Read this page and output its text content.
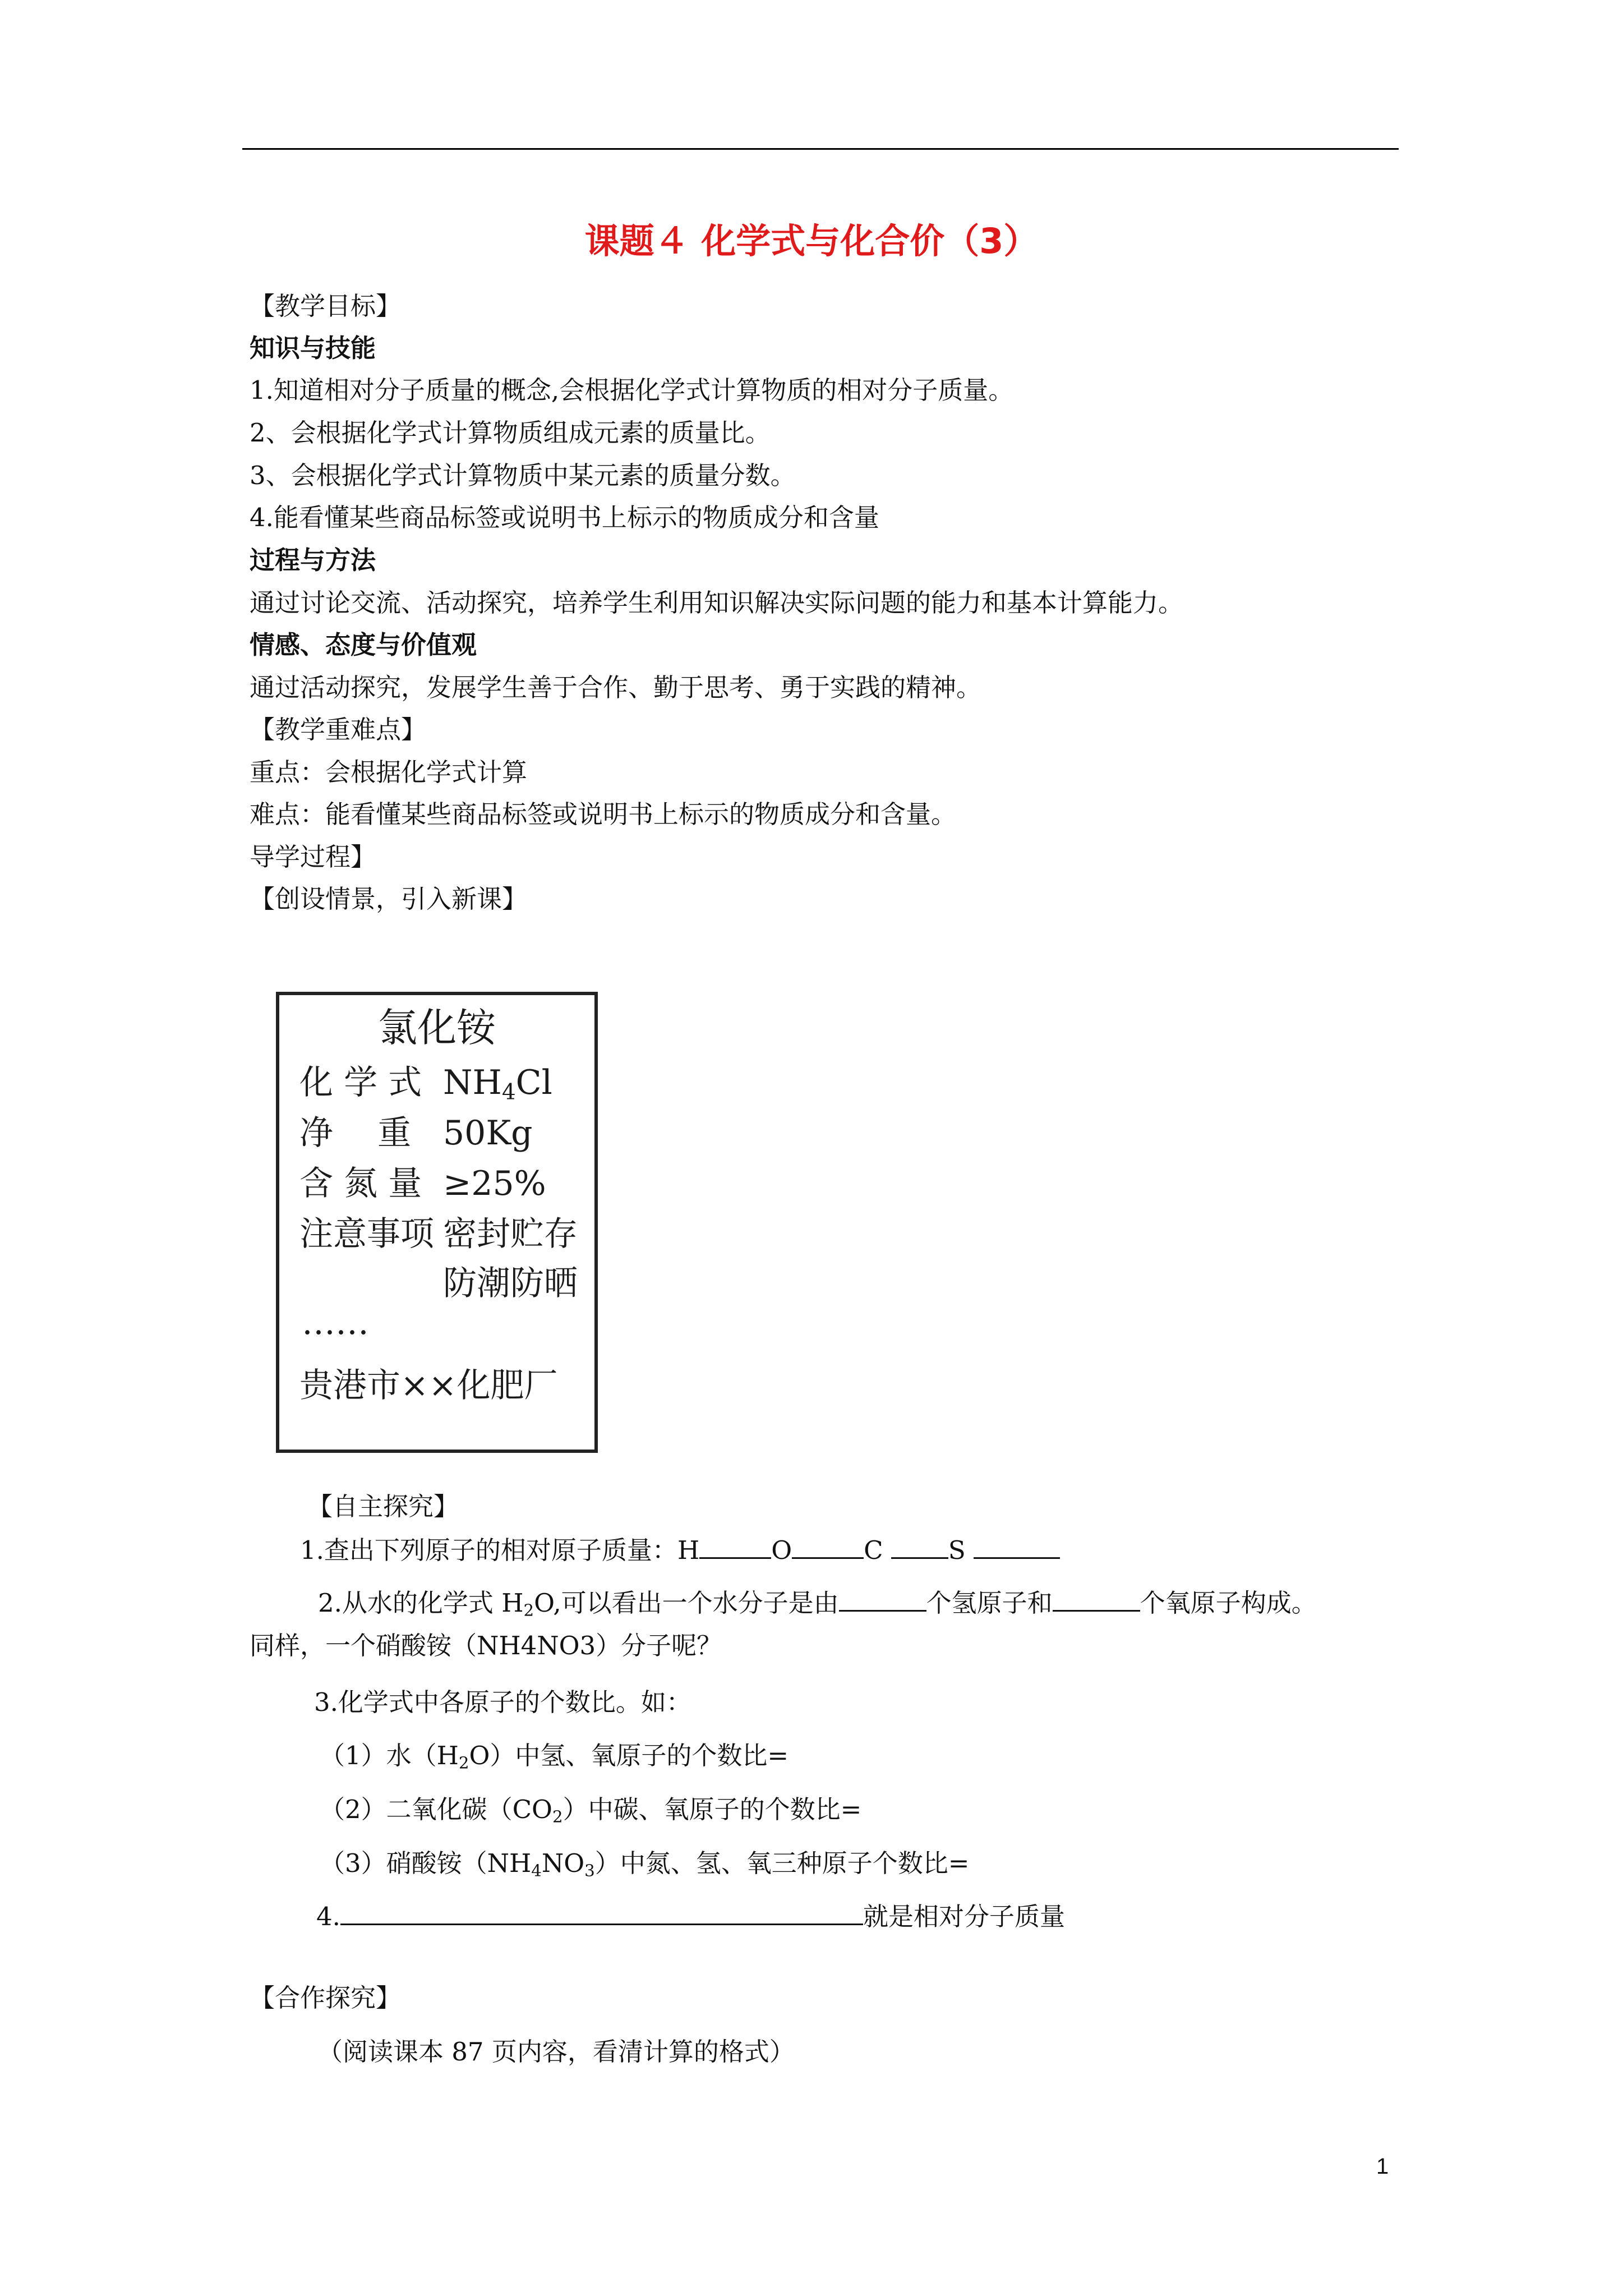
课题４ 化学式与化合价（3）
【教学目标】
知识与技能
1.知道相对分子质量的概念,会根据化学式计算物质的相对分子质量。
2、会根据化学式计算物质组成元素的质量比。
3、会根据化学式计算物质中某元素的质量分数。
4.能看懂某些商品标签或说明书上标示的物质成分和含量
过程与方法
通过讨论交流、活动探究，培养学生利用知识解决实际问题的能力和基本计算能力。
情感、态度与价值观
通过活动探究，发展学生善于合作、勤于思考、勇于实践的精神。
【教学重难点】
重点：会根据化学式计算
难点：能看懂某些商品标签或说明书上标示的物质成分和含量。
导学过程】
【创设情景，引入新课】
氯化铵
化 学 式 $NH_4Cl$
净　 重 50Kg
含 氮 量 ≥25%
注意事项 密封贮存
防潮防晒
……
贵港市××化肥厂
【自主探究】
1.查出下列原子的相对原子质量：H	O	C	S
2.从水的化学式 $H_2O$,可以看出一个水分子是由	个氢原子和	个氧原子构成。
同样，一个硝酸铵（NH4NO3）分子呢？
3.化学式中各原子的个数比。如：
（1）水$(H_2O)$中氢、氧原子的个数比=
（2）二氧化碳$(CO_2)$中碳、氧原子的个数比=
（3）硝酸铵$(NH_4NO_3)$中氮、氢、氧三种原子个数比=
4.	就是相对分子质量
【合作探究】
（阅读课本 87 页内容，看清计算的格式）
1
